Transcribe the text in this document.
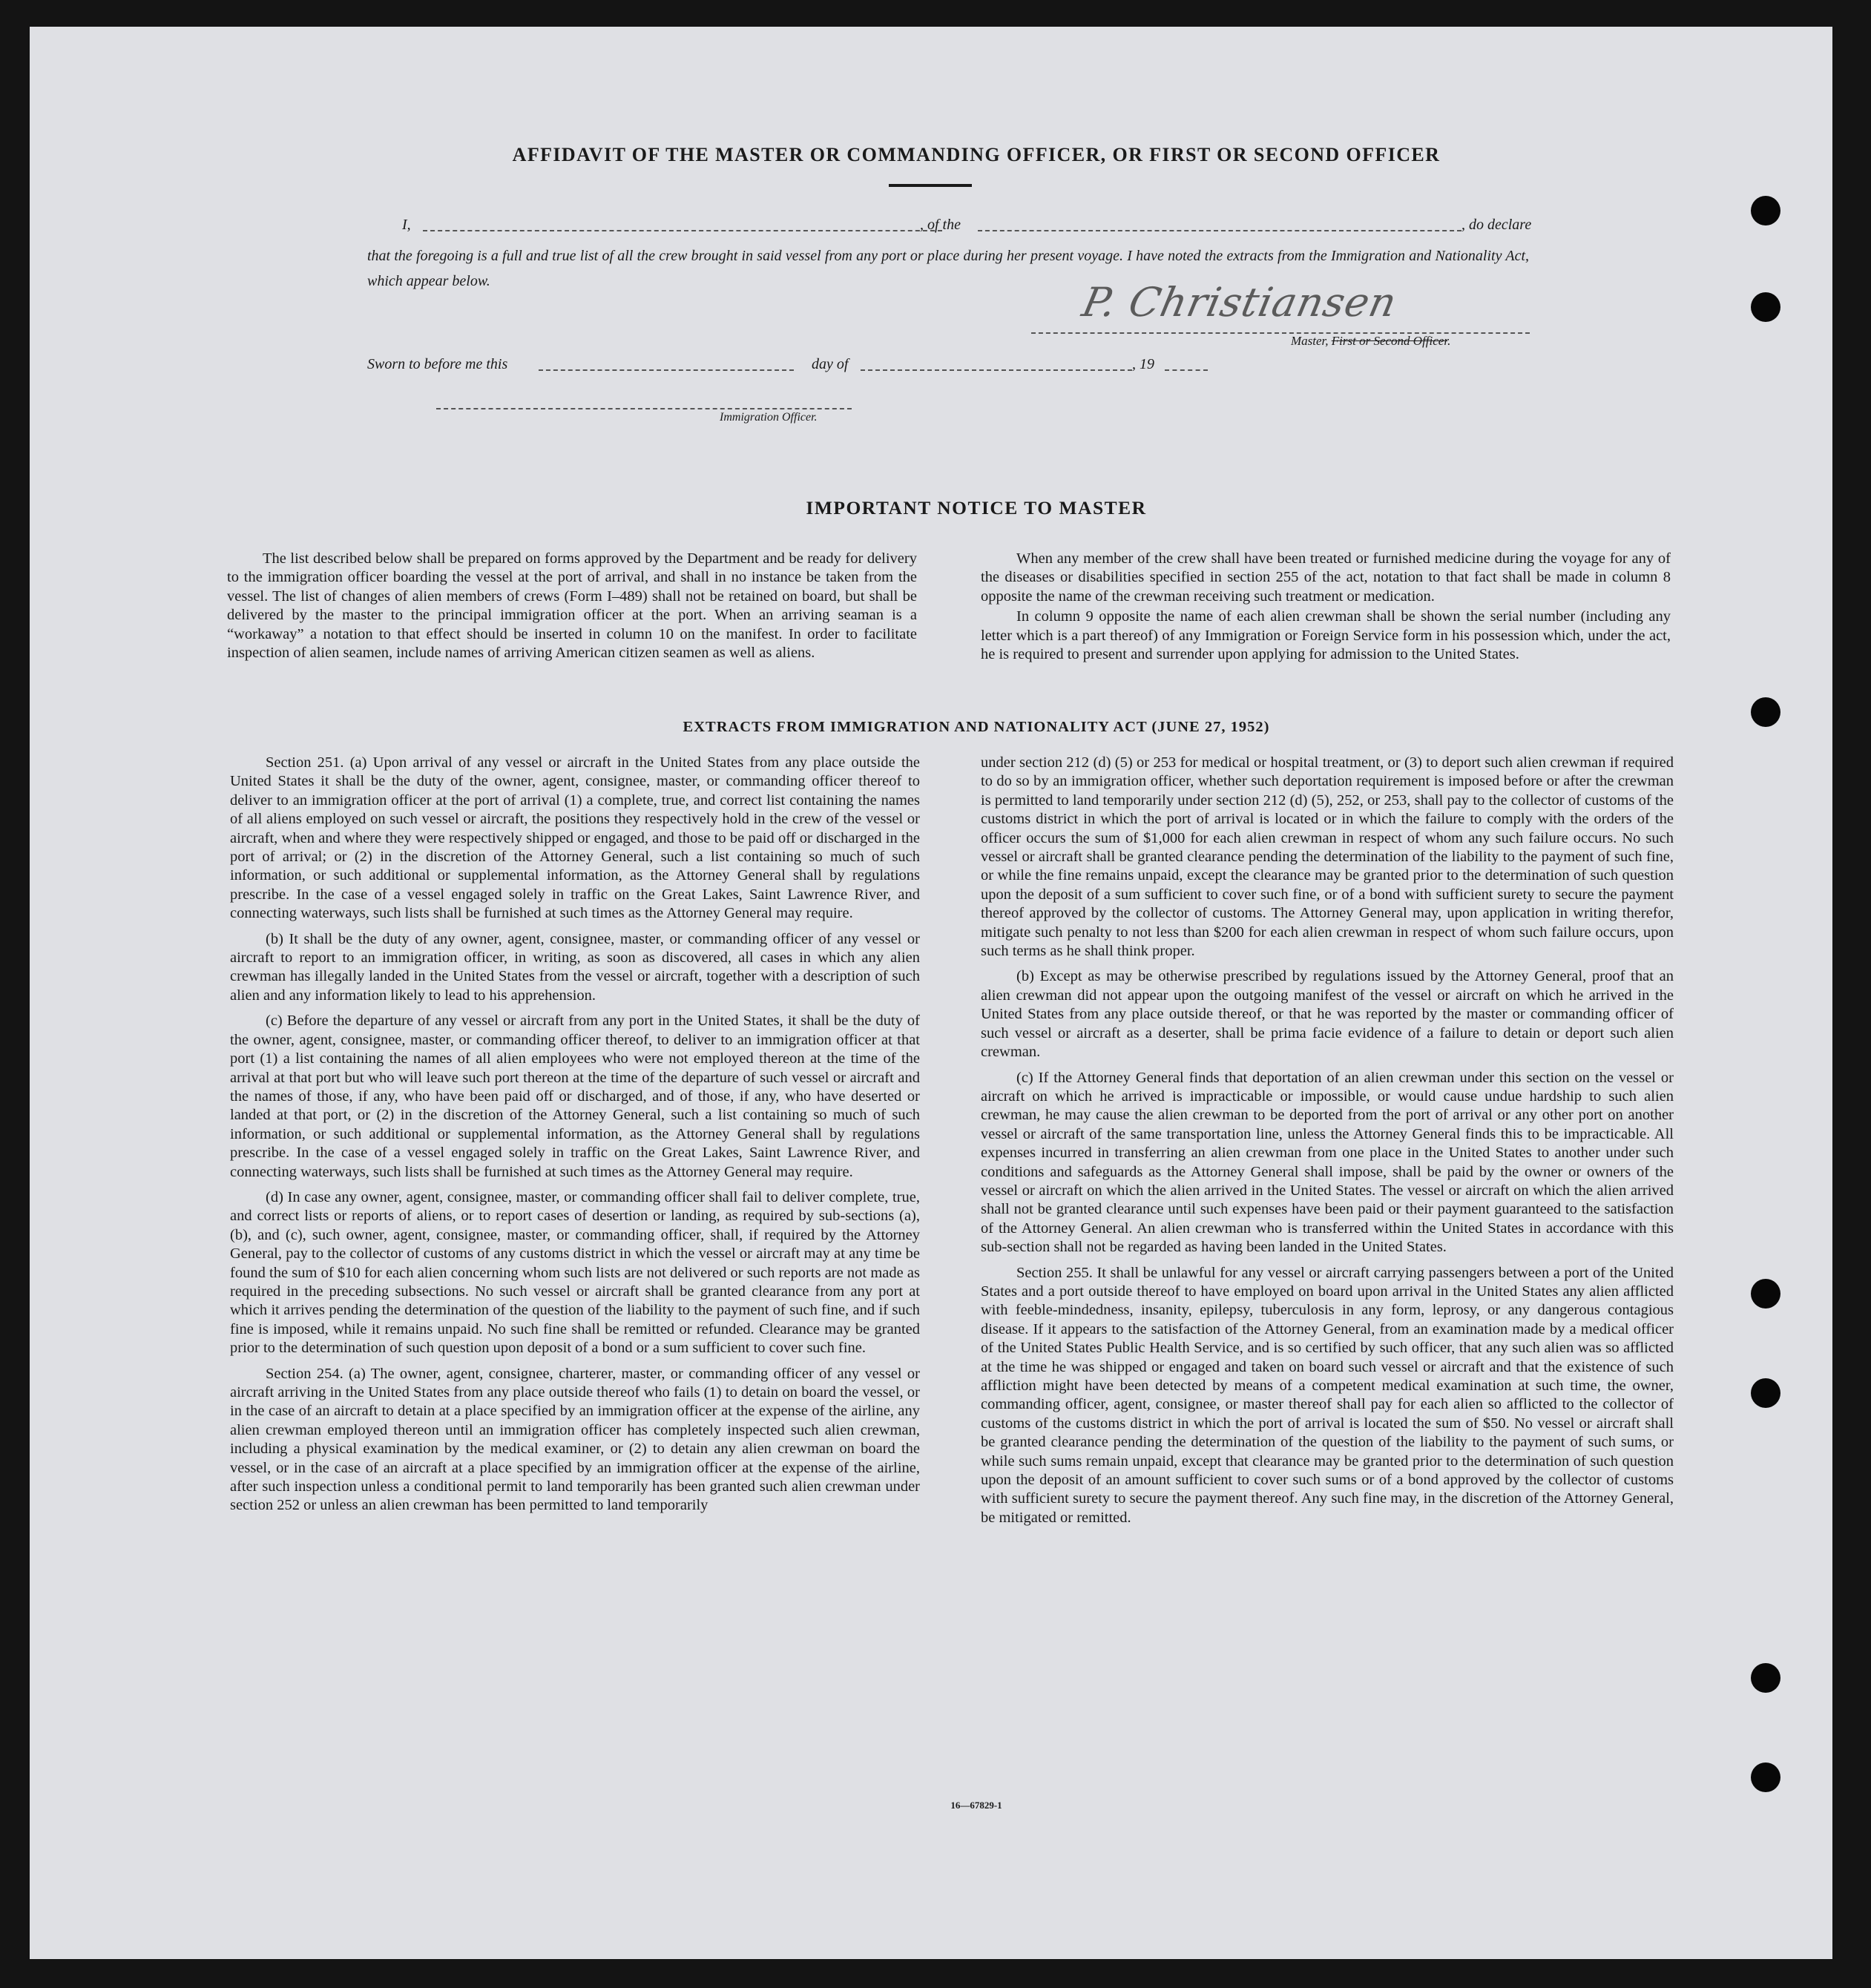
AFFIDAVIT OF THE MASTER OR COMMANDING OFFICER, OR FIRST OR SECOND OFFICER
I,	, of the	, do declare
that the foregoing is a full and true list of all the crew brought in said vessel from any port or place during her present voyage. I have noted the extracts from the Immigration and Nationality Act, which appear below.	P. Christiansen
Master, First or Second Officer.
Sworn to before me this	day of	, 19
Immigration Officer.
IMPORTANT NOTICE TO MASTER

The list described below shall be prepared on forms approved by the Department and be ready for delivery to the immigration officer boarding the vessel at the port of arrival, and shall in no instance be taken from the vessel. The list of changes of alien members of crews (Form I–489) shall not be retained on board, but shall be delivered by the master to the principal immigration officer at the port. When an arriving seaman is a “workaway” a notation to that effect should be inserted in column 10 on the manifest. In order to facilitate inspection of alien seamen, include names of arriving American citizen seamen as well as aliens.

When any member of the crew shall have been treated or furnished medicine during the voyage for any of the diseases or disabilities specified in section 255 of the act, notation to that fact shall be made in column 8 opposite the name of the crewman receiving such treatment or medication.

In column 9 opposite the name of each alien crewman shall be shown the serial number (including any letter which is a part thereof) of any Immigration or Foreign Service form in his possession which, under the act, he is required to present and surrender upon applying for admission to the United States.

EXTRACTS FROM IMMIGRATION AND NATIONALITY ACT (JUNE 27, 1952)

Section 251. (a) Upon arrival of any vessel or aircraft in the United States from any place outside the United States it shall be the duty of the owner, agent, consignee, master, or commanding officer thereof to deliver to an immigration officer at the port of arrival (1) a complete, true, and correct list containing the names of all aliens employed on such vessel or aircraft, the positions they respectively hold in the crew of the vessel or aircraft, when and where they were respectively shipped or engaged, and those to be paid off or discharged in the port of arrival; or (2) in the discretion of the Attorney General, such a list containing so much of such information, or such additional or supplemental information, as the Attorney General shall by regulations prescribe. In the case of a vessel engaged solely in traffic on the Great Lakes, Saint Lawrence River, and connecting waterways, such lists shall be furnished at such times as the Attorney General may require.

(b) It shall be the duty of any owner, agent, consignee, master, or commanding officer of any vessel or aircraft to report to an immigration officer, in writing, as soon as discovered, all cases in which any alien crewman has illegally landed in the United States from the vessel or aircraft, together with a description of such alien and any information likely to lead to his apprehension.

(c) Before the departure of any vessel or aircraft from any port in the United States, it shall be the duty of the owner, agent, consignee, master, or commanding officer thereof, to deliver to an immigration officer at that port (1) a list containing the names of all alien employees who were not employed thereon at the time of the arrival at that port but who will leave such port thereon at the time of the departure of such vessel or aircraft and the names of those, if any, who have been paid off or discharged, and of those, if any, who have deserted or landed at that port, or (2) in the discretion of the Attorney General, such a list containing so much of such information, or such additional or supplemental information, as the Attorney General shall by regulations prescribe. In the case of a vessel engaged solely in traffic on the Great Lakes, Saint Lawrence River, and connecting waterways, such lists shall be furnished at such times as the Attorney General may require.

(d) In case any owner, agent, consignee, master, or commanding officer shall fail to deliver complete, true, and correct lists or reports of aliens, or to report cases of desertion or landing, as required by sub-sections (a), (b), and (c), such owner, agent, consignee, master, or commanding officer, shall, if required by the Attorney General, pay to the collector of customs of any customs district in which the vessel or aircraft may at any time be found the sum of $10 for each alien concerning whom such lists are not delivered or such reports are not made as required in the preceding subsections. No such vessel or aircraft shall be granted clearance from any port at which it arrives pending the determination of the question of the liability to the payment of such fine, and if such fine is imposed, while it remains unpaid. No such fine shall be remitted or refunded. Clearance may be granted prior to the determination of such question upon deposit of a bond or a sum sufficient to cover such fine.

Section 254. (a) The owner, agent, consignee, charterer, master, or commanding officer of any vessel or aircraft arriving in the United States from any place outside thereof who fails (1) to detain on board the vessel, or in the case of an aircraft to detain at a place specified by an immigration officer at the expense of the airline, any alien crewman employed thereon until an immigration officer has completely inspected such alien crewman, including a physical examination by the medical examiner, or (2) to detain any alien crewman on board the vessel, or in the case of an aircraft at a place specified by an immigration officer at the expense of the airline, after such inspection unless a conditional permit to land temporarily has been granted such alien crewman under section 252 or unless an alien crewman has been permitted to land temporarily

under section 212 (d) (5) or 253 for medical or hospital treatment, or (3) to deport such alien crewman if required to do so by an immigration officer, whether such deportation requirement is imposed before or after the crewman is permitted to land temporarily under section 212 (d) (5), 252, or 253, shall pay to the collector of customs of the customs district in which the port of arrival is located or in which the failure to comply with the orders of the officer occurs the sum of $1,000 for each alien crewman in respect of whom any such failure occurs. No such vessel or aircraft shall be granted clearance pending the determination of the liability to the payment of such fine, or while the fine remains unpaid, except the clearance may be granted prior to the determination of such question upon the deposit of a sum sufficient to cover such fine, or of a bond with sufficient surety to secure the payment thereof approved by the collector of customs. The Attorney General may, upon application in writing therefor, mitigate such penalty to not less than $200 for each alien crewman in respect of whom such failure occurs, upon such terms as he shall think proper.

(b) Except as may be otherwise prescribed by regulations issued by the Attorney General, proof that an alien crewman did not appear upon the outgoing manifest of the vessel or aircraft on which he arrived in the United States from any place outside thereof, or that he was reported by the master or commanding officer of such vessel or aircraft as a deserter, shall be prima facie evidence of a failure to detain or deport such alien crewman.

(c) If the Attorney General finds that deportation of an alien crewman under this section on the vessel or aircraft on which he arrived is impracticable or impossible, or would cause undue hardship to such alien crewman, he may cause the alien crewman to be deported from the port of arrival or any other port on another vessel or aircraft of the same transportation line, unless the Attorney General finds this to be impracticable. All expenses incurred in transferring an alien crewman from one place in the United States to another under such conditions and safeguards as the Attorney General shall impose, shall be paid by the owner or owners of the vessel or aircraft on which the alien arrived in the United States. The vessel or aircraft on which the alien arrived shall not be granted clearance until such expenses have been paid or their payment guaranteed to the satisfaction of the Attorney General. An alien crewman who is transferred within the United States in accordance with this sub-section shall not be regarded as having been landed in the United States.

Section 255. It shall be unlawful for any vessel or aircraft carrying passengers between a port of the United States and a port outside thereof to have employed on board upon arrival in the United States any alien afflicted with feeble-mindedness, insanity, epilepsy, tuberculosis in any form, leprosy, or any dangerous contagious disease. If it appears to the satisfaction of the Attorney General, from an examination made by a medical officer of the United States Public Health Service, and is so certified by such officer, that any such alien was so afflicted at the time he was shipped or engaged and taken on board such vessel or aircraft and that the existence of such affliction might have been detected by means of a competent medical examination at such time, the owner, commanding officer, agent, consignee, or master thereof shall pay for each alien so afflicted to the collector of customs of the customs district in which the port of arrival is located the sum of $50. No vessel or aircraft shall be granted clearance pending the determination of the question of the liability to the payment of such sums, or while such sums remain unpaid, except that clearance may be granted prior to the determination of such question upon the deposit of an amount sufficient to cover such sums or of a bond approved by the collector of customs with sufficient surety to secure the payment thereof. Any such fine may, in the discretion of the Attorney General, be mitigated or remitted.

16—67829-1
